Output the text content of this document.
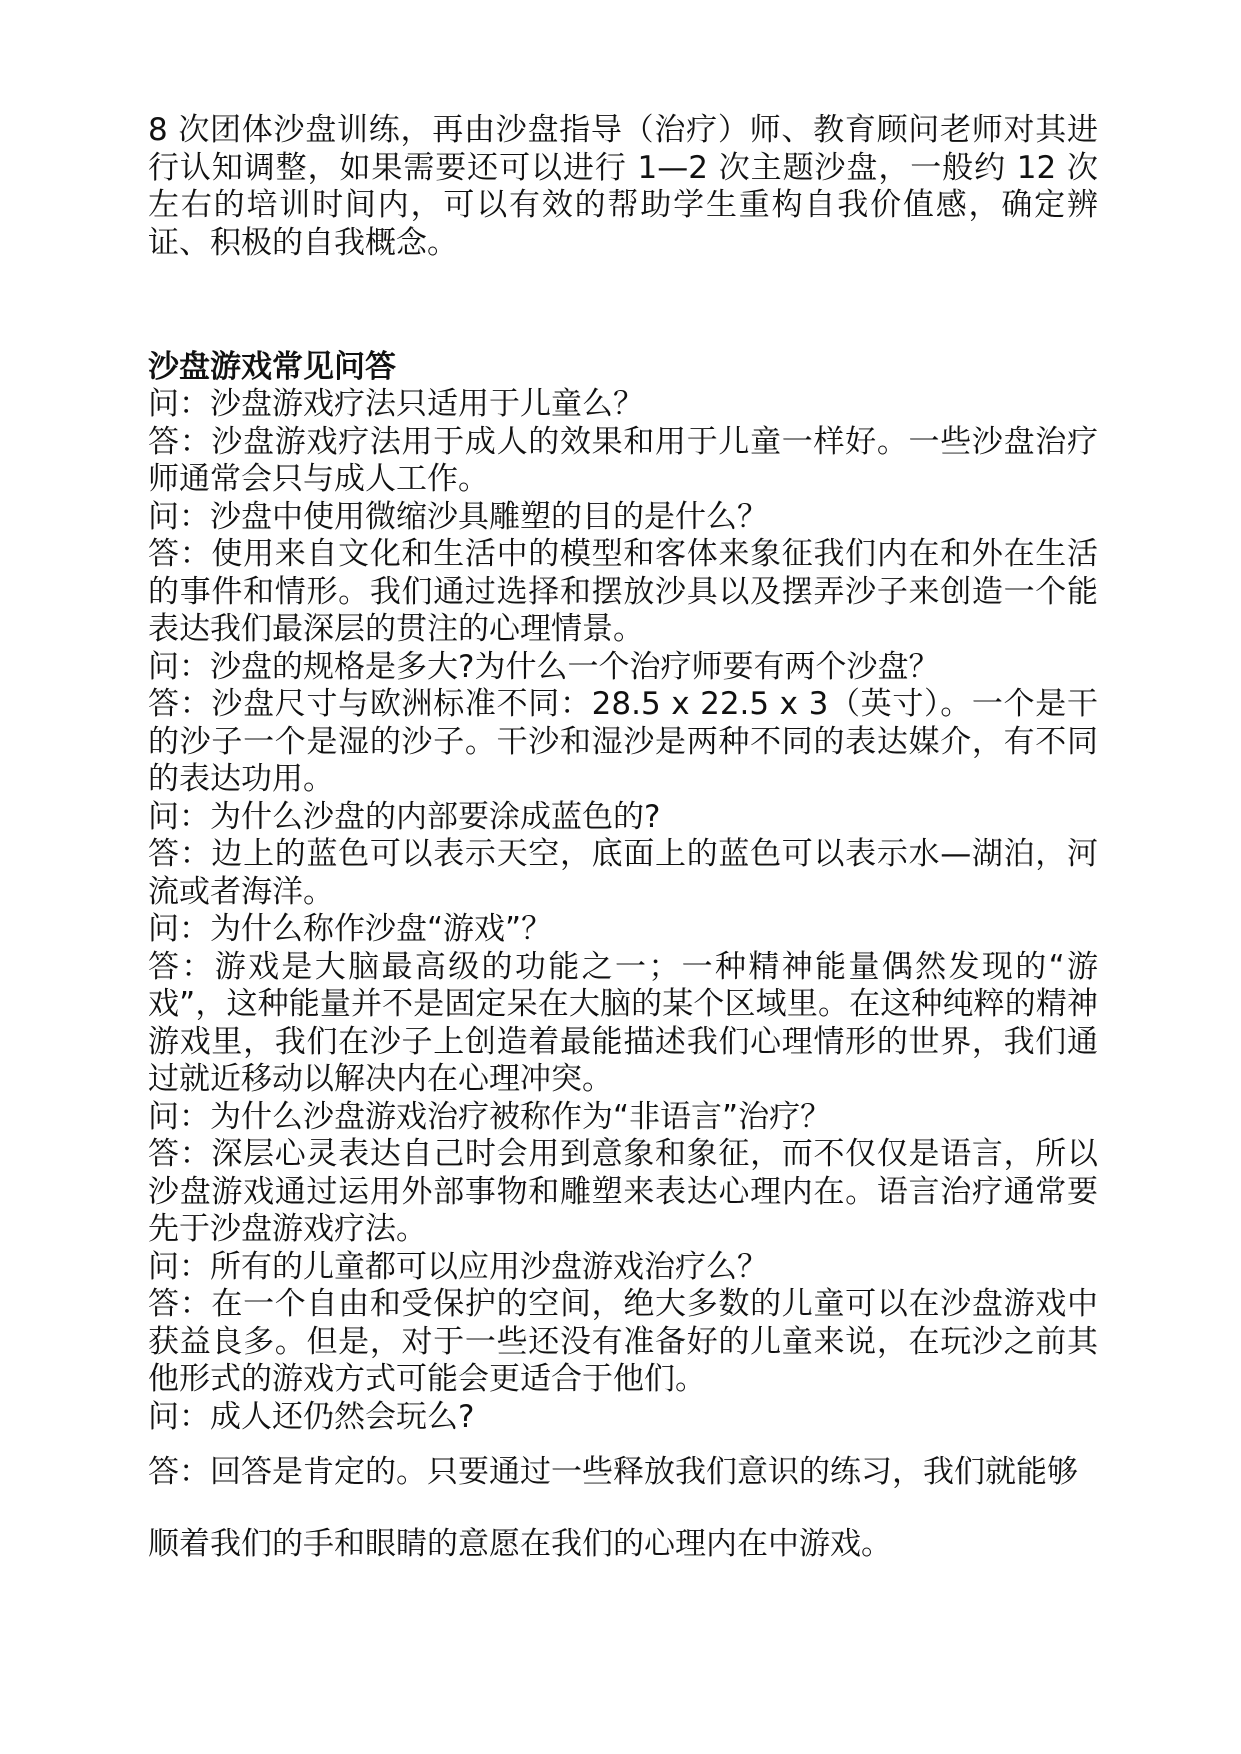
8 次团体沙盘训练，再由沙盘指导（治疗）师、教育顾问老师对其进行认知调整，如果需要还可以进行 1—2 次主题沙盘，一般约 12 次左右的培训时间内，可以有效的帮助学生重构自我价值感，确定辨证、积极的自我概念。

沙盘游戏常见问答

问：沙盘游戏疗法只适用于儿童么？

答：沙盘游戏疗法用于成人的效果和用于儿童一样好。一些沙盘治疗师通常会只与成人工作。

问：沙盘中使用微缩沙具雕塑的目的是什么？

答：使用来自文化和生活中的模型和客体来象征我们内在和外在生活的事件和情形。我们通过选择和摆放沙具以及摆弄沙子来创造一个能表达我们最深层的贯注的心理情景。

问：沙盘的规格是多大?为什么一个治疗师要有两个沙盘？

答：沙盘尺寸与欧洲标准不同：28.5 x 22.5 x 3（英寸）。一个是干的沙子一个是湿的沙子。干沙和湿沙是两种不同的表达媒介，有不同的表达功用。

问：为什么沙盘的内部要涂成蓝色的?

答：边上的蓝色可以表示天空，底面上的蓝色可以表示水—湖泊，河流或者海洋。

问：为什么称作沙盘“游戏”？

答：游戏是大脑最高级的功能之一；一种精神能量偶然发现的“游戏”，这种能量并不是固定呆在大脑的某个区域里。在这种纯粹的精神游戏里，我们在沙子上创造着最能描述我们心理情形的世界，我们通过就近移动以解决内在心理冲突。

问：为什么沙盘游戏治疗被称作为“非语言”治疗？

答：深层心灵表达自己时会用到意象和象征，而不仅仅是语言，所以沙盘游戏通过运用外部事物和雕塑来表达心理内在。语言治疗通常要先于沙盘游戏疗法。

问：所有的儿童都可以应用沙盘游戏治疗么？

答：在一个自由和受保护的空间，绝大多数的儿童可以在沙盘游戏中获益良多。但是，对于一些还没有准备好的儿童来说，在玩沙之前其他形式的游戏方式可能会更适合于他们。

问：成人还仍然会玩么?

答：回答是肯定的。只要通过一些释放我们意识的练习，我们就能够顺着我们的手和眼睛的意愿在我们的心理内在中游戏。
